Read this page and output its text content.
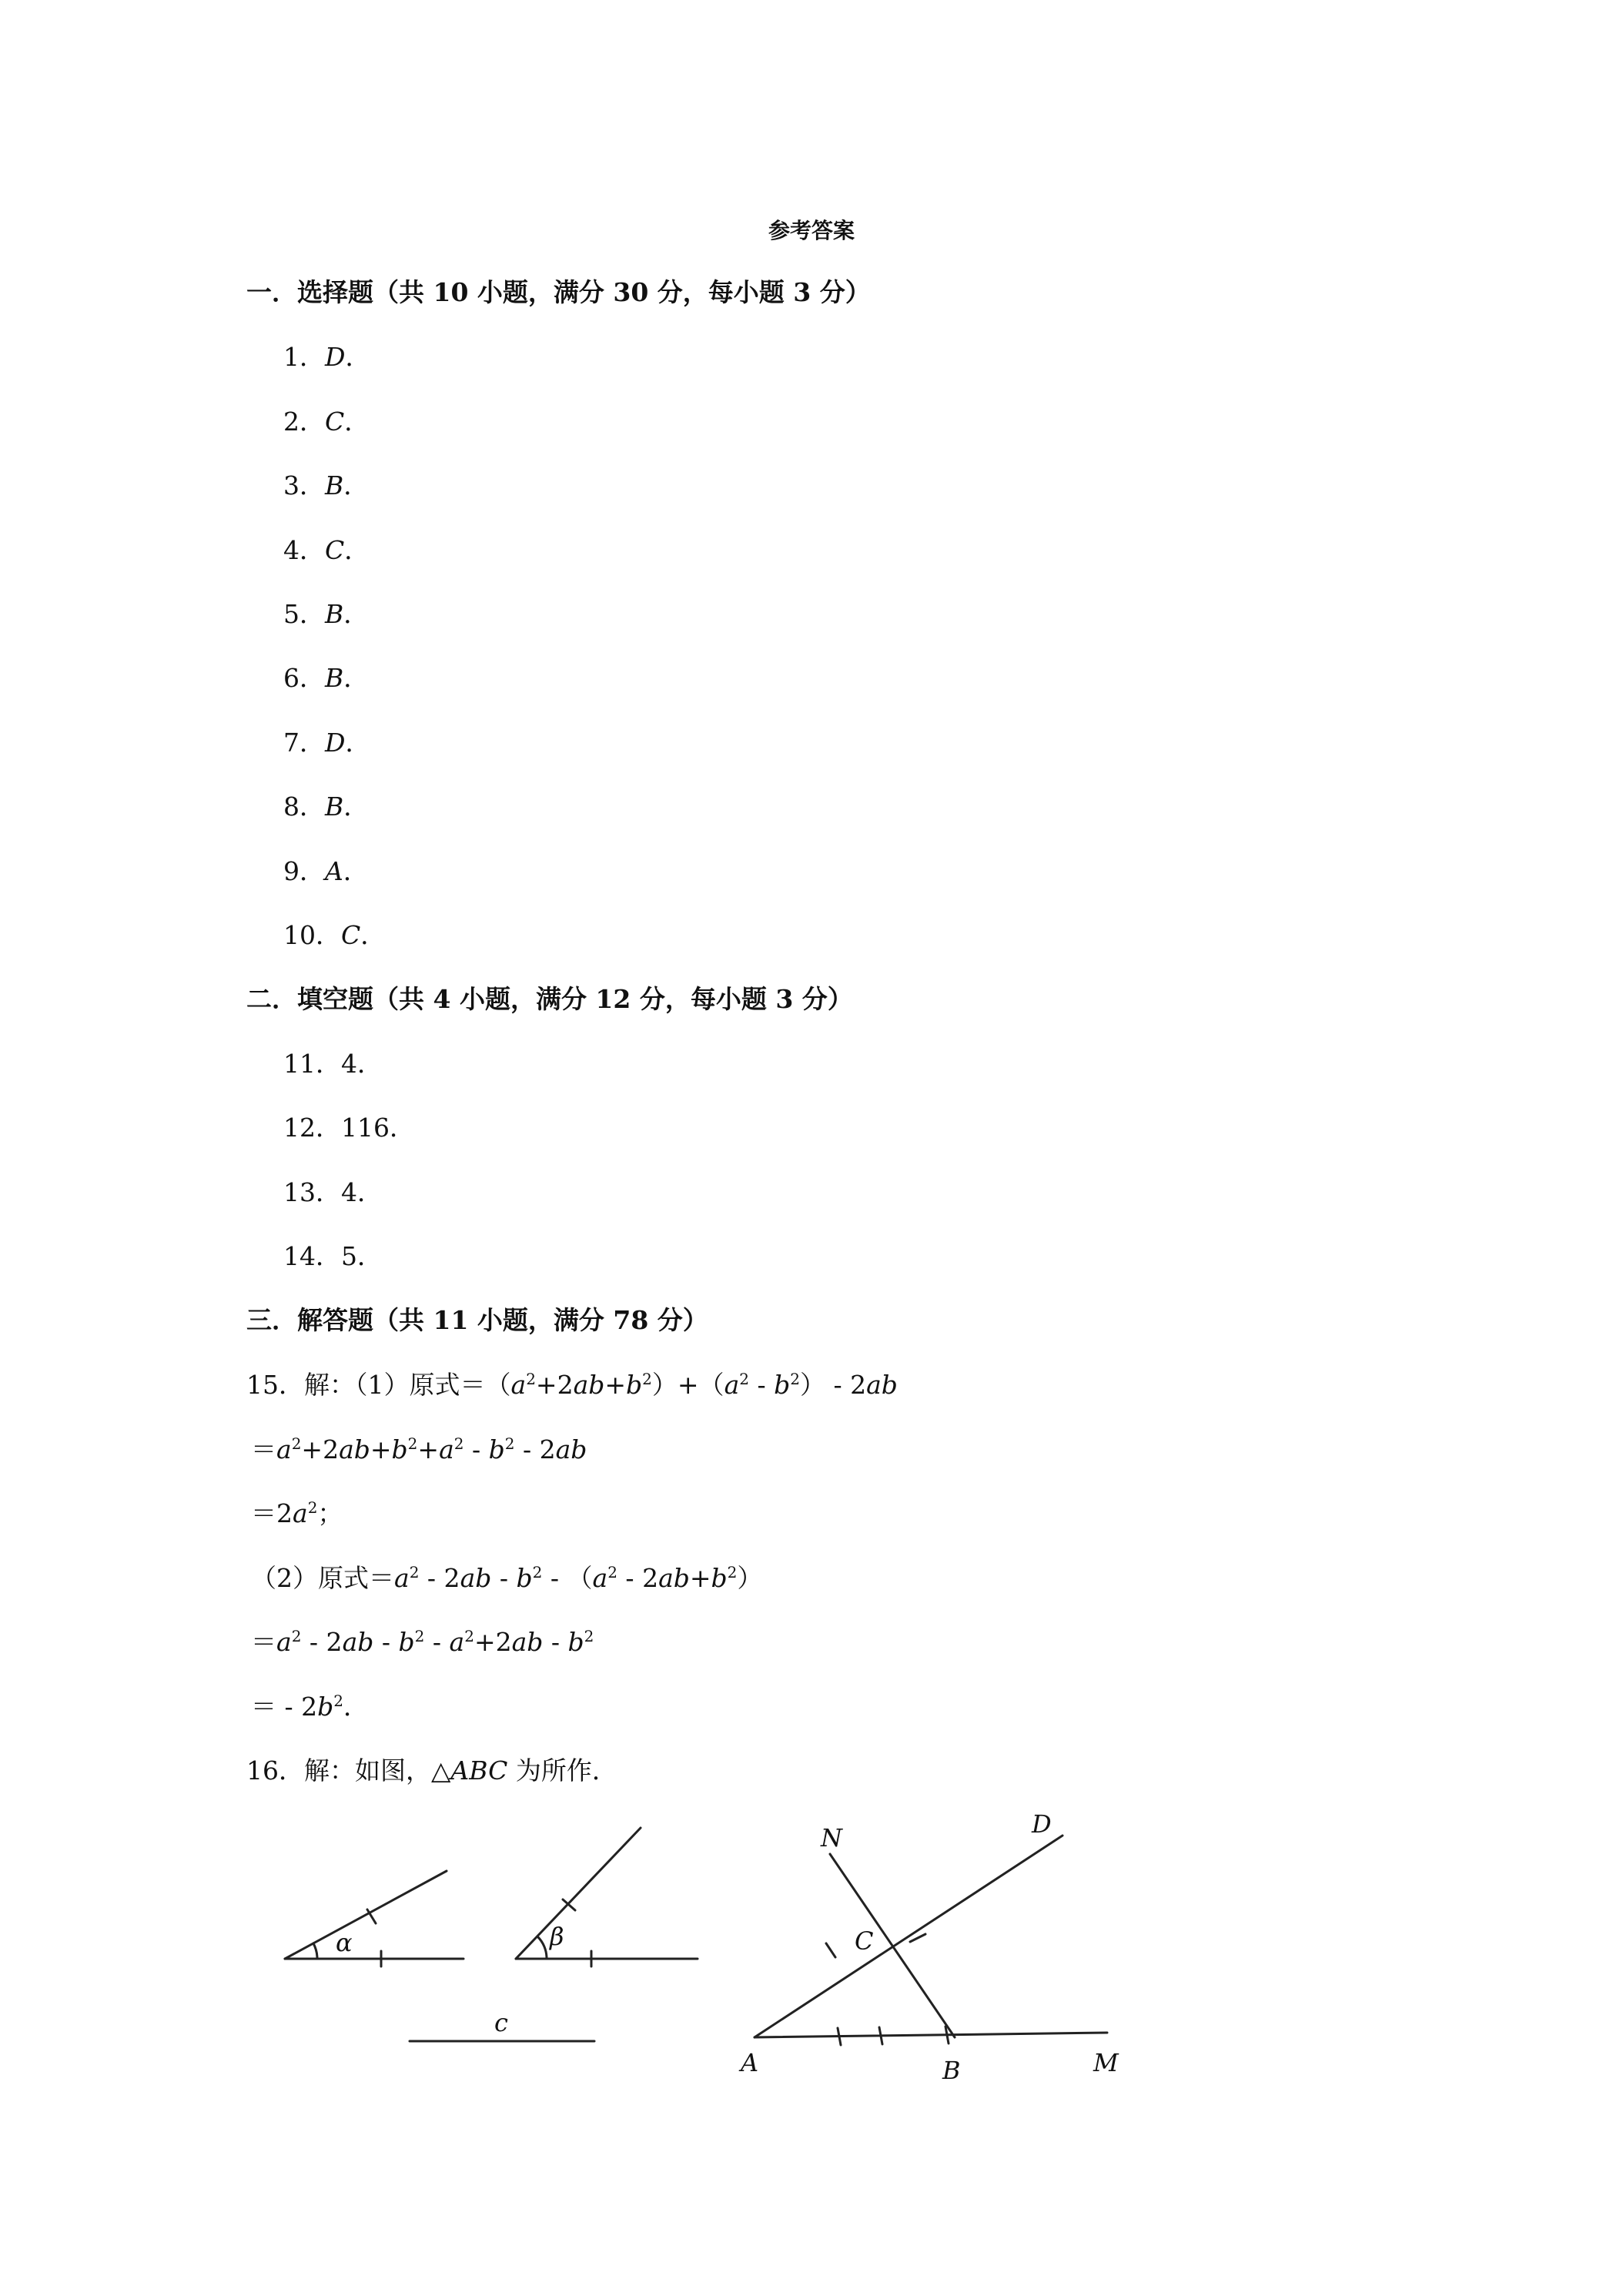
参考答案
一．选择题（共 10 小题，满分 30 分，每小题 3 分）
1．D．
2．C．
3．B．
4．C．
5．B．
6．B．
7．D．
8．B．
9．A．
10．C．
二．填空题（共 4 小题，满分 12 分，每小题 3 分）
11．4．
12．116．
13．4．
14．5．
三．解答题（共 11 小题，满分 78 分）
15．解：（1）原式$=(a^2+2ab+b^2)+(a^2 - b^2) - 2ab$
$=a^2+2ab+b^2+a^2 - b^2 - 2ab$
$=2a^2$；
（2）原式$=a^2 - 2ab - b^2 - (a^2 - 2ab+b^2)$
$=a^2 - 2ab - b^2 - a^2+2ab - b^2$
＝ - $2b^2$．
16．解：如图，△ABC 为所作．
α	β
c
N	D
C
A	B	M
